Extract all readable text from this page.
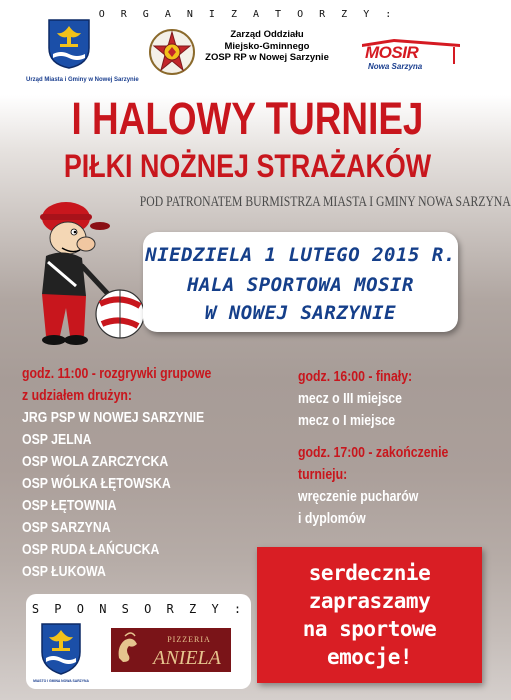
O R G A N I Z A T O R Z Y :
Urząd Miasta i Gminy w Nowej Sarzynie
Zarząd Oddziału
Miejsko-Gminnego
ZOSP RP w Nowej Sarzynie MOSIR
Nowa Sarzyna
I HALOWY TURNIEJ
PIŁKI NOŻNEJ STRAŻAKÓW
POD PATRONATEM BURMISTRZA MIASTA I GMINY NOWA SARZYNA
NIEDZIELA 1 LUTEGO 2015 R.
HALA SPORTOWA MOSIR
W NOWEJ SARZYNIE
godz. 11:00 - rozgrywki grupowe
z udziałem drużyn:
JRG PSP W NOWEJ SARZYNIE
OSP JELNA
OSP WOLA ZARCZYCKA
OSP WÓLKA ŁĘTOWSKA
OSP ŁĘTOWNIA
OSP SARZYNA
OSP RUDA ŁAŃCUCKA
OSP ŁUKOWA
godz. 16:00 - finały:
mecz o III miejsce
mecz o I miejsce
godz. 17:00 - zakończenie
turnieju:
wręczenie pucharów
i dyplomów
S P O N S O R Z Y :
MIASTO I GMINA NOWA SARZYNA
PIZZERIA
ANIELA
serdecznie
zapraszamy
na sportowe
emocje!
